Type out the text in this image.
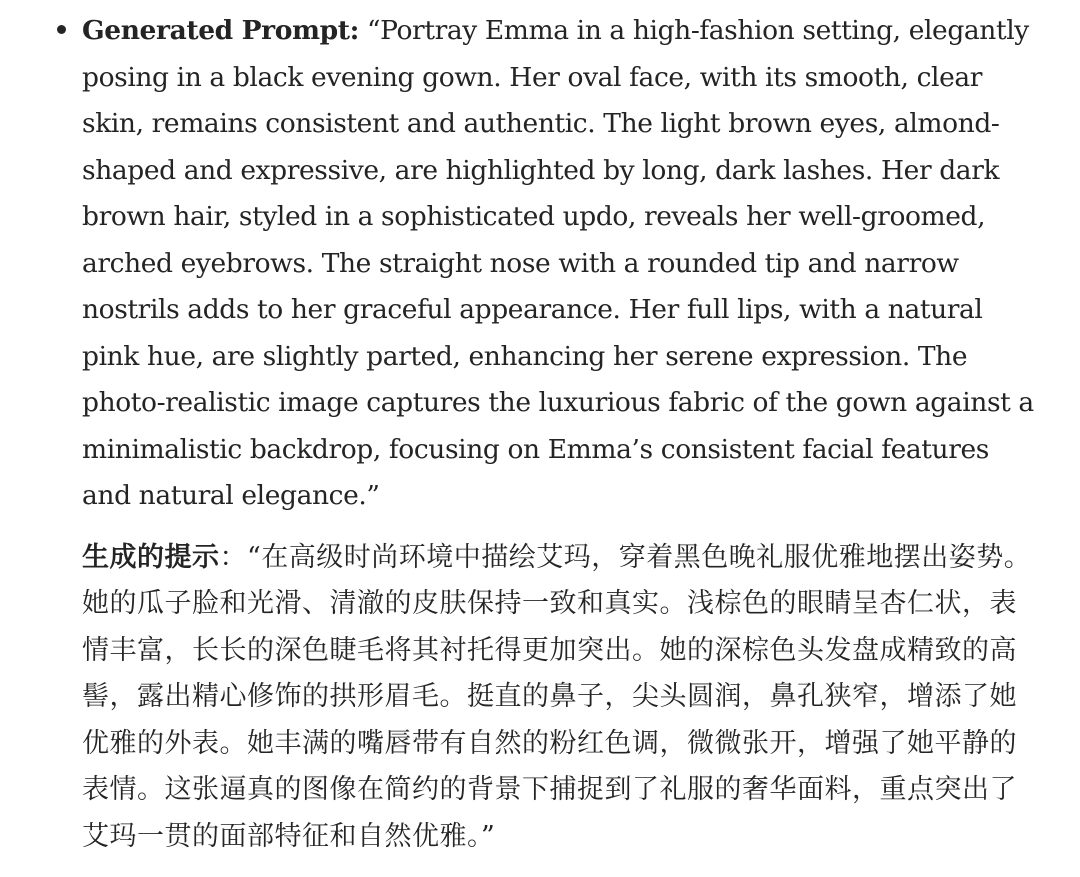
Generated Prompt: “Portray Emma in a high-fashion setting, elegantly posing in a black evening gown. Her oval face, with its smooth, clear skin, remains consistent and authentic. The light brown eyes, almond-shaped and expressive, are highlighted by long, dark lashes. Her dark brown hair, styled in a sophisticated updo, reveals her well-groomed, arched eyebrows. The straight nose with a rounded tip and narrow nostrils adds to her graceful appearance. Her full lips, with a natural pink hue, are slightly parted, enhancing her serene expression. The photo-realistic image captures the luxurious fabric of the gown against a minimalistic backdrop, focusing on Emma’s consistent facial features and natural elegance.”

生成的提示：“在高级时尚环境中描绘艾玛，穿着黑色晚礼服优雅地摆出姿势。她的瓜子脸和光滑、清澈的皮肤保持一致和真实。浅棕色的眼睛呈杏仁状，表情丰富，长长的深色睫毛将其衬托得更加突出。她的深棕色头发盘成精致的高髻，露出精心修饰的拱形眉毛。挺直的鼻子，尖头圆润，鼻孔狭窄，增添了她优雅的外表。她丰满的嘴唇带有自然的粉红色调，微微张开，增强了她平静的表情。这张逼真的图像在简约的背景下捕捉到了礼服的奢华面料，重点突出了艾玛一贯的面部特征和自然优雅。”
